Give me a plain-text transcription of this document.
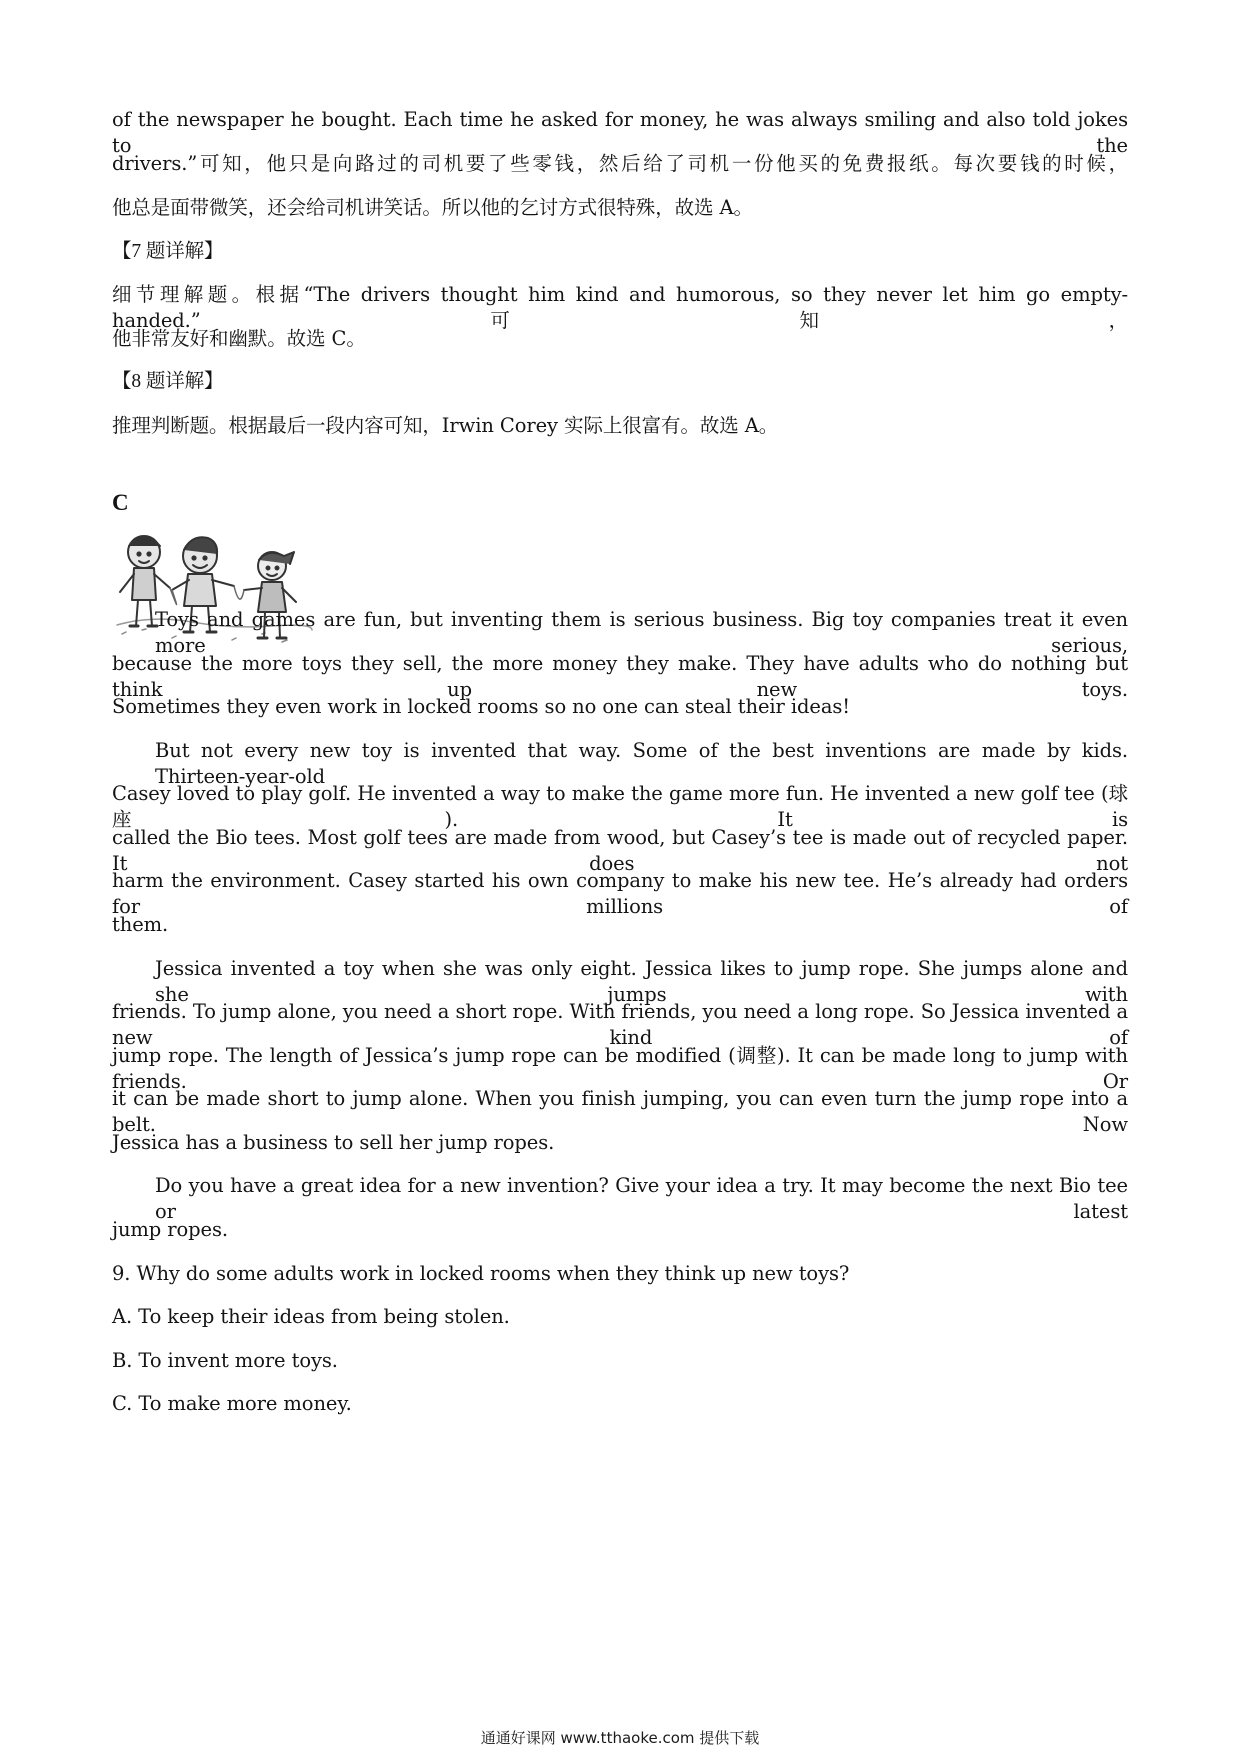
of the newspaper he bought. Each time he asked for money, he was always smiling and also told jokes to the
drivers.”可知，他只是向路过的司机要了些零钱，然后给了司机一份他买的免费报纸。每次要钱的时候，
他总是面带微笑，还会给司机讲笑话。所以他的乞讨方式很特殊，故选 A。
【7 题详解】
细节理解题。根据“The drivers thought him kind and humorous, so they never let him go empty-handed.”可知，
他非常友好和幽默。故选 C。
【8 题详解】
推理判断题。根据最后一段内容可知，Irwin Corey 实际上很富有。故选 A。
C
Toys and games are fun, but inventing them is serious business. Big toy companies treat it even more serious,
because the more toys they sell, the more money they make. They have adults who do nothing but think up new toys.
Sometimes they even work in locked rooms so no one can steal their ideas!
But not every new toy is invented that way. Some of the best inventions are made by kids. Thirteen-year-old
Casey loved to play golf. He invented a way to make the game more fun. He invented a new golf tee (球座). It is
called the Bio tees. Most golf tees are made from wood, but Casey’s tee is made out of recycled paper. It does not
harm the environment. Casey started his own company to make his new tee. He’s already had orders for millions of
them.
Jessica invented a toy when she was only eight. Jessica likes to jump rope. She jumps alone and she jumps with
friends. To jump alone, you need a short rope. With friends, you need a long rope. So Jessica invented a new kind of
jump rope. The length of Jessica’s jump rope can be modified (调整). It can be made long to jump with friends. Or
it can be made short to jump alone. When you finish jumping, you can even turn the jump rope into a belt. Now
Jessica has a business to sell her jump ropes.
Do you have a great idea for a new invention? Give your idea a try. It may become the next Bio tee or latest
jump ropes.
9. Why do some adults work in locked rooms when they think up new toys?
A. To keep their ideas from being stolen.
B. To invent more toys.
C. To make more money.
通通好课网 www.tthaoke.com 提供下载
